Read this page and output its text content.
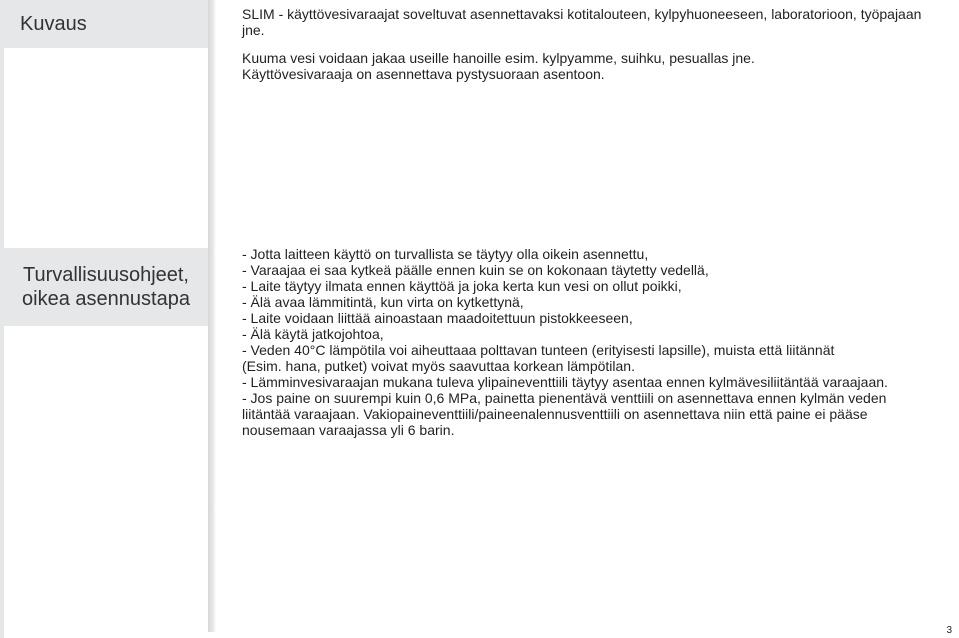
Kuvaus
Turvallisuusohjeet,
oikea asennustapa

SLIM - käyttövesivaraajat soveltuvat asennettavaksi kotitalouteen, kylpyhuoneeseen, laboratorioon, työpajaan jne.

Kuuma vesi voidaan jakaa useille hanoille esim. kylpyamme, suihku, pesuallas jne.

Käyttövesivaraaja on asennettava pystysuoraan asentoon.

- Jotta laitteen käyttö on turvallista se täytyy olla oikein asennettu,

- Varaajaa ei saa kytkeä päälle ennen kuin se on kokonaan täytetty vedellä,

- Laite täytyy ilmata ennen käyttöä ja joka kerta kun vesi on ollut poikki,

- Älä avaa lämmitintä, kun virta on kytkettynä,

- Laite voidaan liittää ainoastaan maadoitettuun pistokkeeseen,

- Älä käytä jatkojohtoa,

- Veden 40°C lämpötila voi aiheuttaaa polttavan tunteen (erityisesti lapsille), muista että liitännät

(Esim. hana, putket) voivat myös saavuttaa korkean lämpötilan.

- Lämminvesivaraajan mukana tuleva ylipaineventtiili täytyy asentaa ennen kylmävesiliitäntää varaajaan.

- Jos paine on suurempi kuin 0,6 MPa, painetta pienentävä venttiili on asennettava ennen kylmän veden

liitäntää varaajaan. Vakiopaineventtiili/paineenalennusventtiili on asennettava niin että paine ei pääse

nousemaan varaajassa yli 6 barin.

3
